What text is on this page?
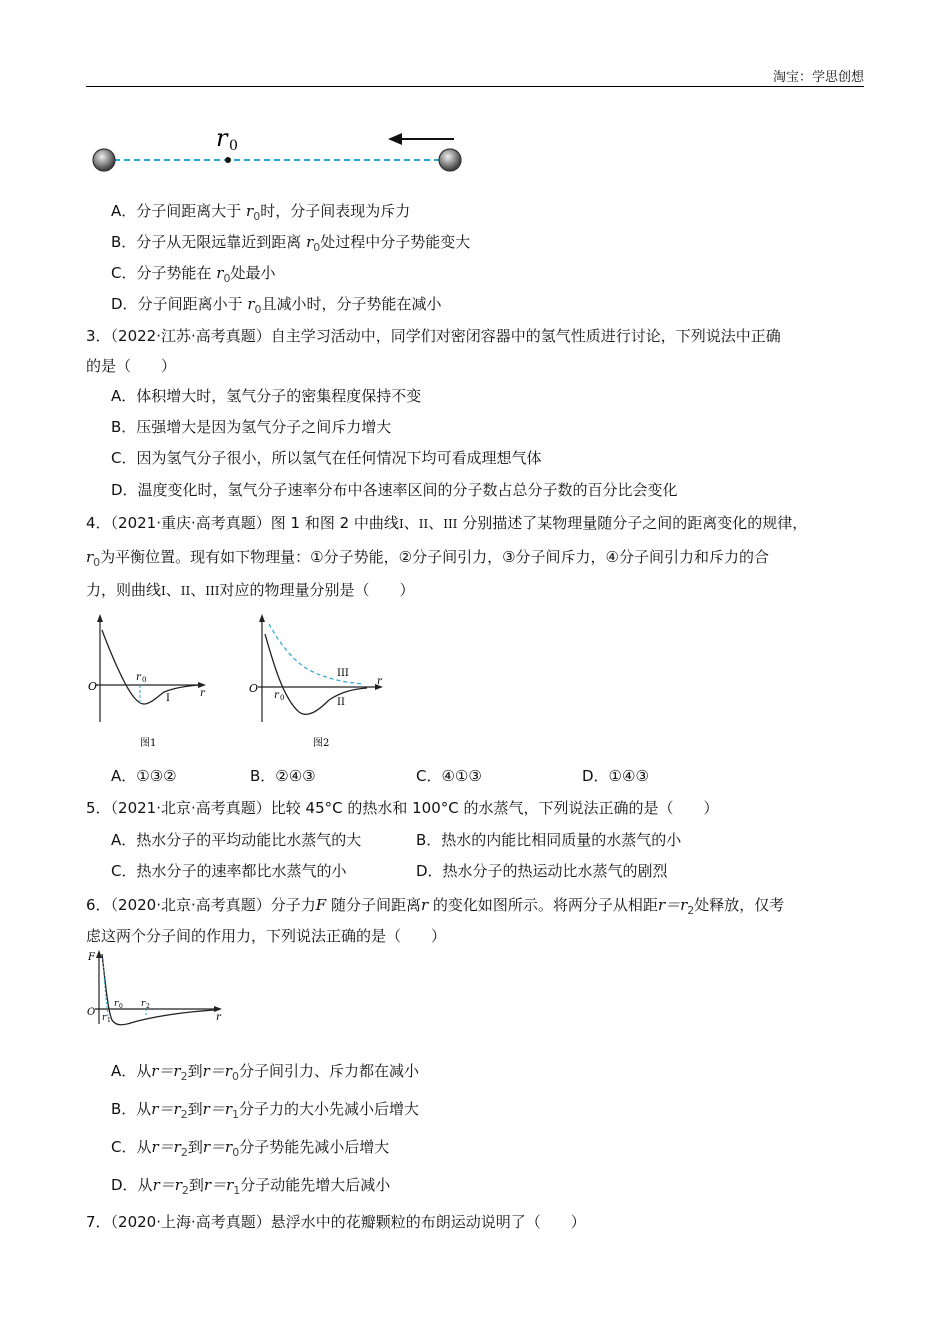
淘宝：学思创想
r 0
A．分子间距离大于 $r_0$时，分子间表现为斥力
B．分子从无限远靠近到距离 $r_0$处过程中分子势能变大
C．分子势能在 $r_0$处最小
D．分子间距离小于 $r_0$且减小时，分子势能在减小
3．（2022·江苏·高考真题）自主学习活动中，同学们对密闭容器中的氢气性质进行讨论，下列说法中正确
的是（　　）
A．体积增大时，氢气分子的密集程度保持不变
B．压强增大是因为氢气分子之间斥力增大
C．因为氢气分子很小，所以氢气在任何情况下均可看成理想气体
D．温度变化时，氢气分子速率分布中各速率区间的分子数占总分子数的百分比会变化
4．（2021·重庆·高考真题）图 1 和图 2 中曲线I、II、III 分别描述了某物理量随分子之间的距离变化的规律，
$r_0$为平衡位置。现有如下物理量：①分子势能，②分子间引力，③分子间斥力，④分子间引力和斥力的合
力，则曲线I、II、III对应的物理量分别是（　　）
O
r 0
r
I
图1
O
r 0
r
III
II
图2
A．①③②	B．②④③	C．④①③	D．①④③
5．（2021·北京·高考真题）比较 45°C 的热水和 100°C 的水蒸气，下列说法正确的是（　　）
A．热水分子的平均动能比水蒸气的大	B．热水的内能比相同质量的水蒸气的小
C．热水分子的速率都比水蒸气的小	D．热水分子的热运动比水蒸气的剧烈
6．（2020·北京·高考真题）分子力F 随分子间距离r 的变化如图所示。将两分子从相距$r=r_2$处释放，仅考
虑这两个分子间的作用力，下列说法正确的是（　　）
F
O	r
r 0
r 1
r 2
A．从$r=r_2$到$r=r_0$分子间引力、斥力都在减小
B．从$r=r_2$到$r=r_1$分子力的大小先减小后增大
C．从$r=r_2$到$r=r_0$分子势能先减小后增大
D．从$r=r_2$到$r=r_1$分子动能先增大后减小
7．（2020·上海·高考真题）悬浮水中的花瓣颗粒的布朗运动说明了（　　）
